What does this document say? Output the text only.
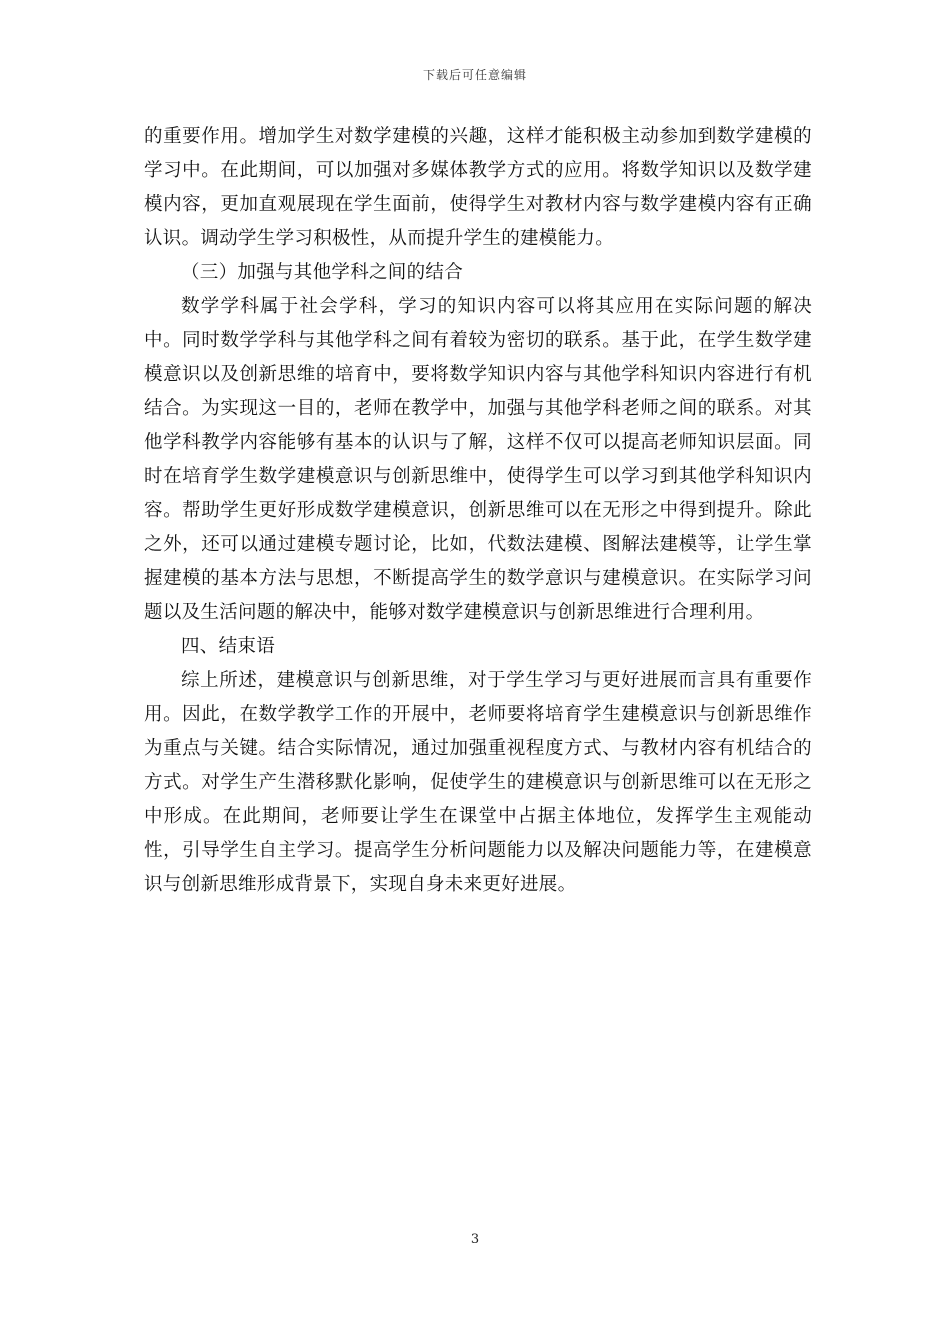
下载后可任意编辑

的重要作用。增加学生对数学建模的兴趣，这样才能积极主动参加到数学建模的学习中。在此期间，可以加强对多媒体教学方式的应用。将数学知识以及数学建模内容，更加直观展现在学生面前，使得学生对教材内容与数学建模内容有正确认识。调动学生学习积极性，从而提升学生的建模能力。

（三）加强与其他学科之间的结合

数学学科属于社会学科，学习的知识内容可以将其应用在实际问题的解决中。同时数学学科与其他学科之间有着较为密切的联系。基于此，在学生数学建模意识以及创新思维的培育中，要将数学知识内容与其他学科知识内容进行有机结合。为实现这一目的，老师在教学中，加强与其他学科老师之间的联系。对其他学科教学内容能够有基本的认识与了解，这样不仅可以提高老师知识层面。同时在培育学生数学建模意识与创新思维中，使得学生可以学习到其他学科知识内容。帮助学生更好形成数学建模意识，创新思维可以在无形之中得到提升。除此之外，还可以通过建模专题讨论，比如，代数法建模、图解法建模等，让学生掌握建模的基本方法与思想，不断提高学生的数学意识与建模意识。在实际学习问题以及生活问题的解决中，能够对数学建模意识与创新思维进行合理利用。

四、结束语

综上所述，建模意识与创新思维，对于学生学习与更好进展而言具有重要作用。因此，在数学教学工作的开展中，老师要将培育学生建模意识与创新思维作为重点与关键。结合实际情况，通过加强重视程度方式、与教材内容有机结合的方式。对学生产生潜移默化影响，促使学生的建模意识与创新思维可以在无形之中形成。在此期间，老师要让学生在课堂中占据主体地位，发挥学生主观能动性，引导学生自主学习。提高学生分析问题能力以及解决问题能力等，在建模意识与创新思维形成背景下，实现自身未来更好进展。

3
